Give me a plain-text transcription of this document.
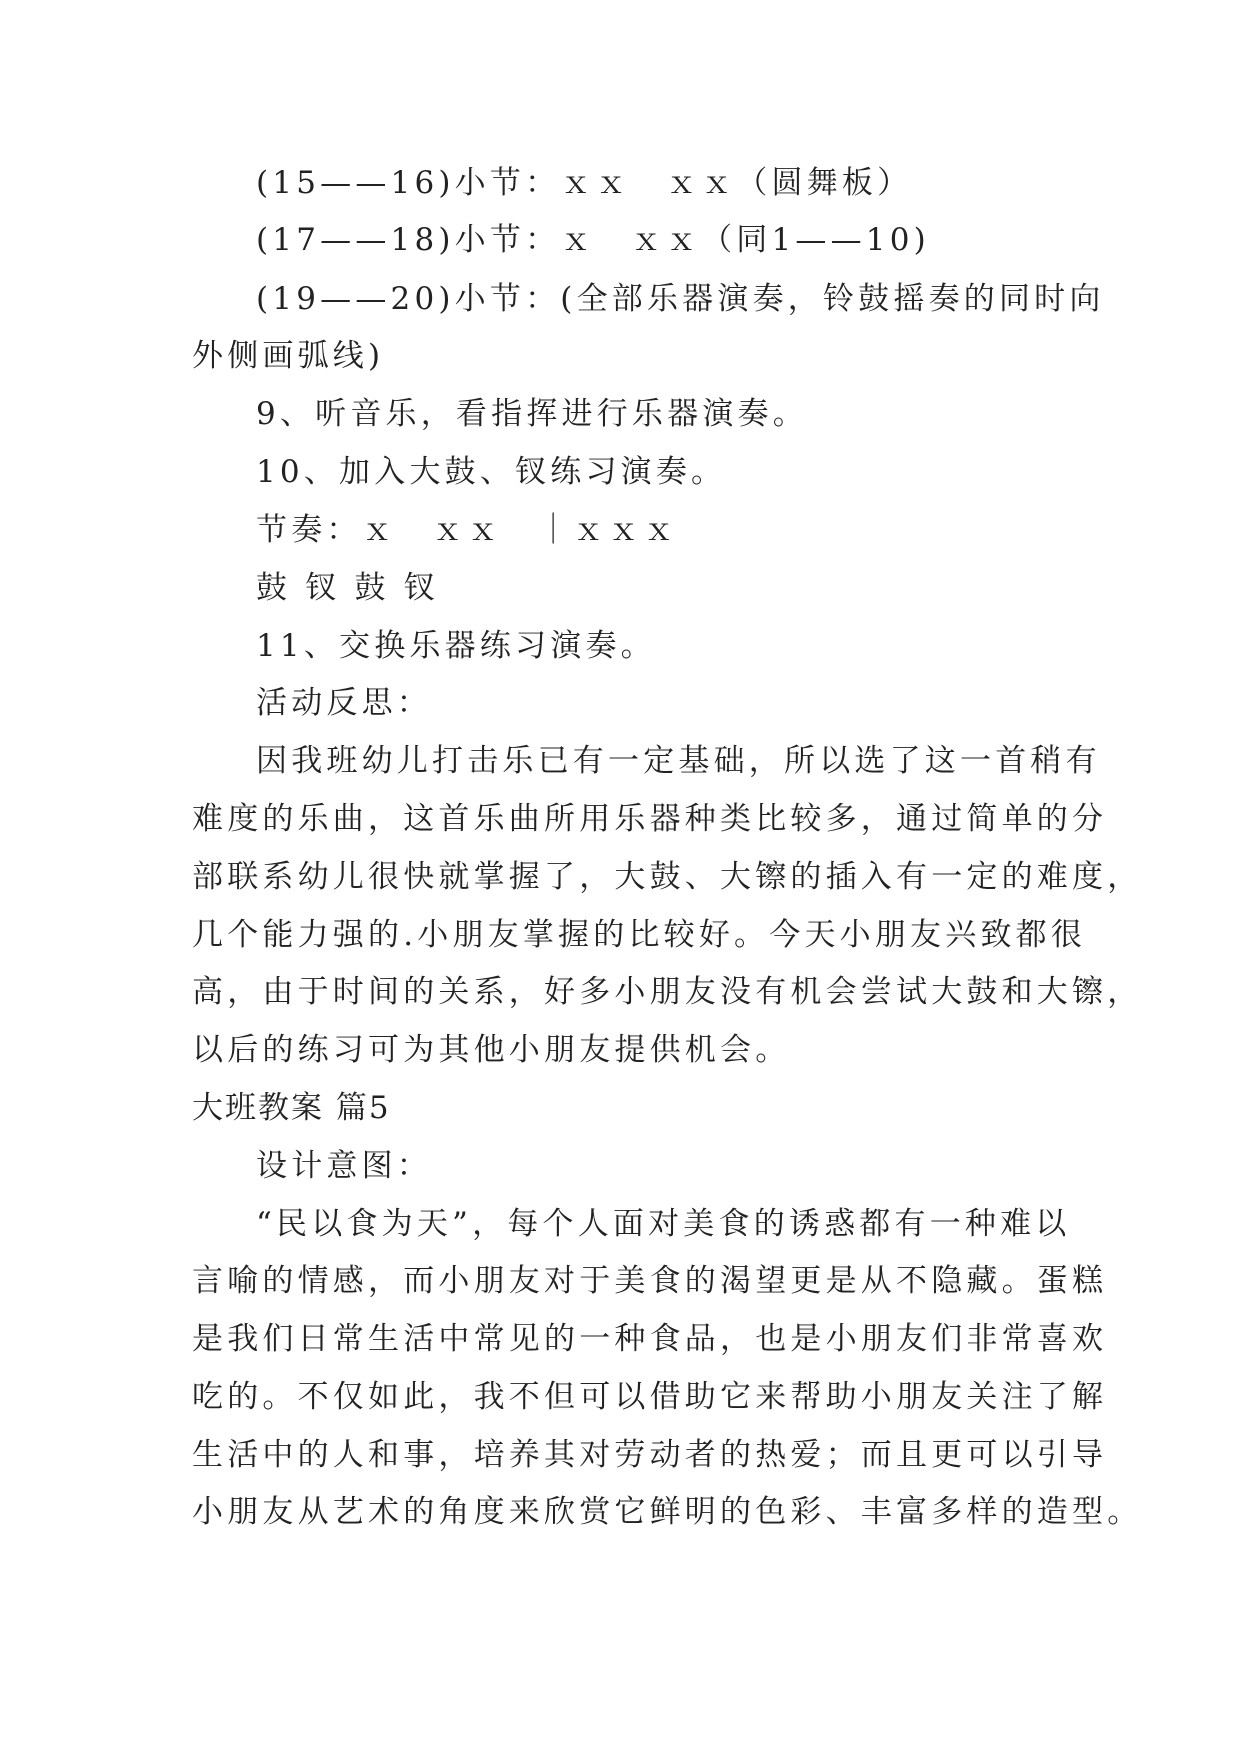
(15——16)小节：ｘｘ　ｘｘ（圆舞板）
(17——18)小节：ｘ　ｘｘ（同1——10)
(19——20)小节：(全部乐器演奏，铃鼓摇奏的同时向
外侧画弧线)
9、听音乐，看指挥进行乐器演奏。
10、加入大鼓、钗练习演奏。
节奏：ｘ　ｘｘ　｜ｘｘｘ
鼓 钗 鼓 钗
11、交换乐器练习演奏。
活动反思：
因我班幼儿打击乐已有一定基础，所以选了这一首稍有
难度的乐曲，这首乐曲所用乐器种类比较多，通过简单的分
部联系幼儿很快就掌握了，大鼓、大镲的插入有一定的难度，
几个能力强的.小朋友掌握的比较好。今天小朋友兴致都很
高，由于时间的关系，好多小朋友没有机会尝试大鼓和大镲，
以后的练习可为其他小朋友提供机会。
大班教案 篇5
设计意图：
“民以食为天”，每个人面对美食的诱惑都有一种难以
言喻的情感，而小朋友对于美食的渴望更是从不隐藏。蛋糕
是我们日常生活中常见的一种食品，也是小朋友们非常喜欢
吃的。不仅如此，我不但可以借助它来帮助小朋友关注了解
生活中的人和事，培养其对劳动者的热爱；而且更可以引导
小朋友从艺术的角度来欣赏它鲜明的色彩、丰富多样的造型。
